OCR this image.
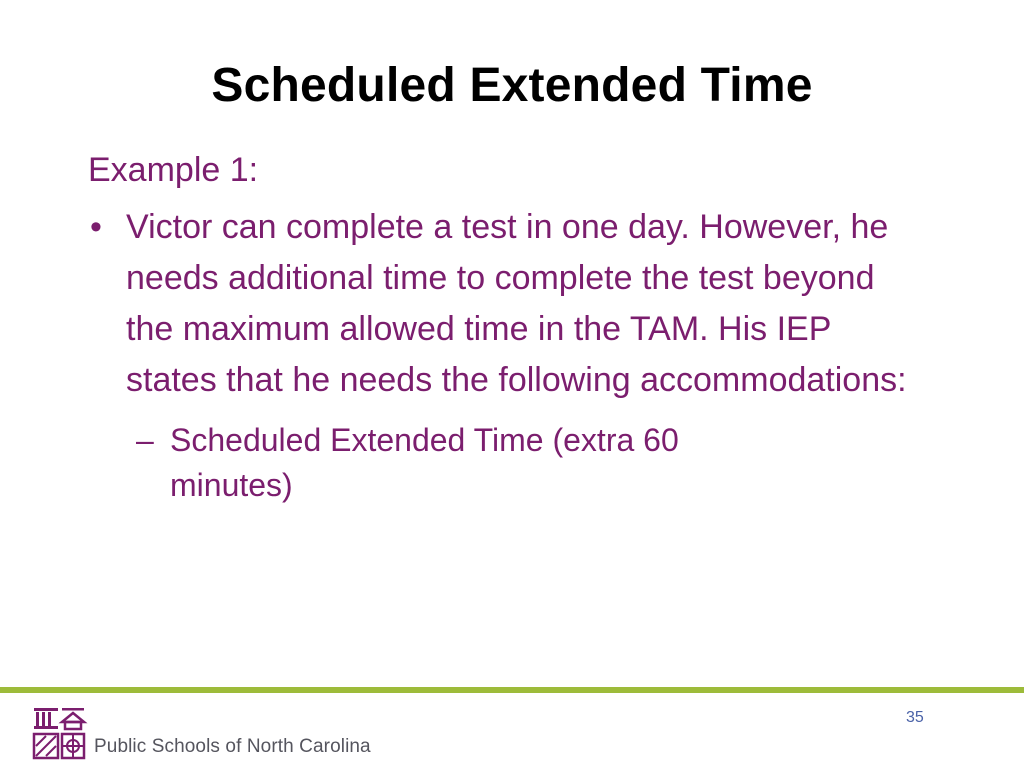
Scheduled Extended Time
Example 1:
• Victor can complete a test in one day. However, he needs additional time to complete the test beyond the maximum allowed time in the TAM. His IEP states that he needs the following accommodations:
– Scheduled Extended Time (extra 60 minutes)
Public Schools of North Carolina
35
